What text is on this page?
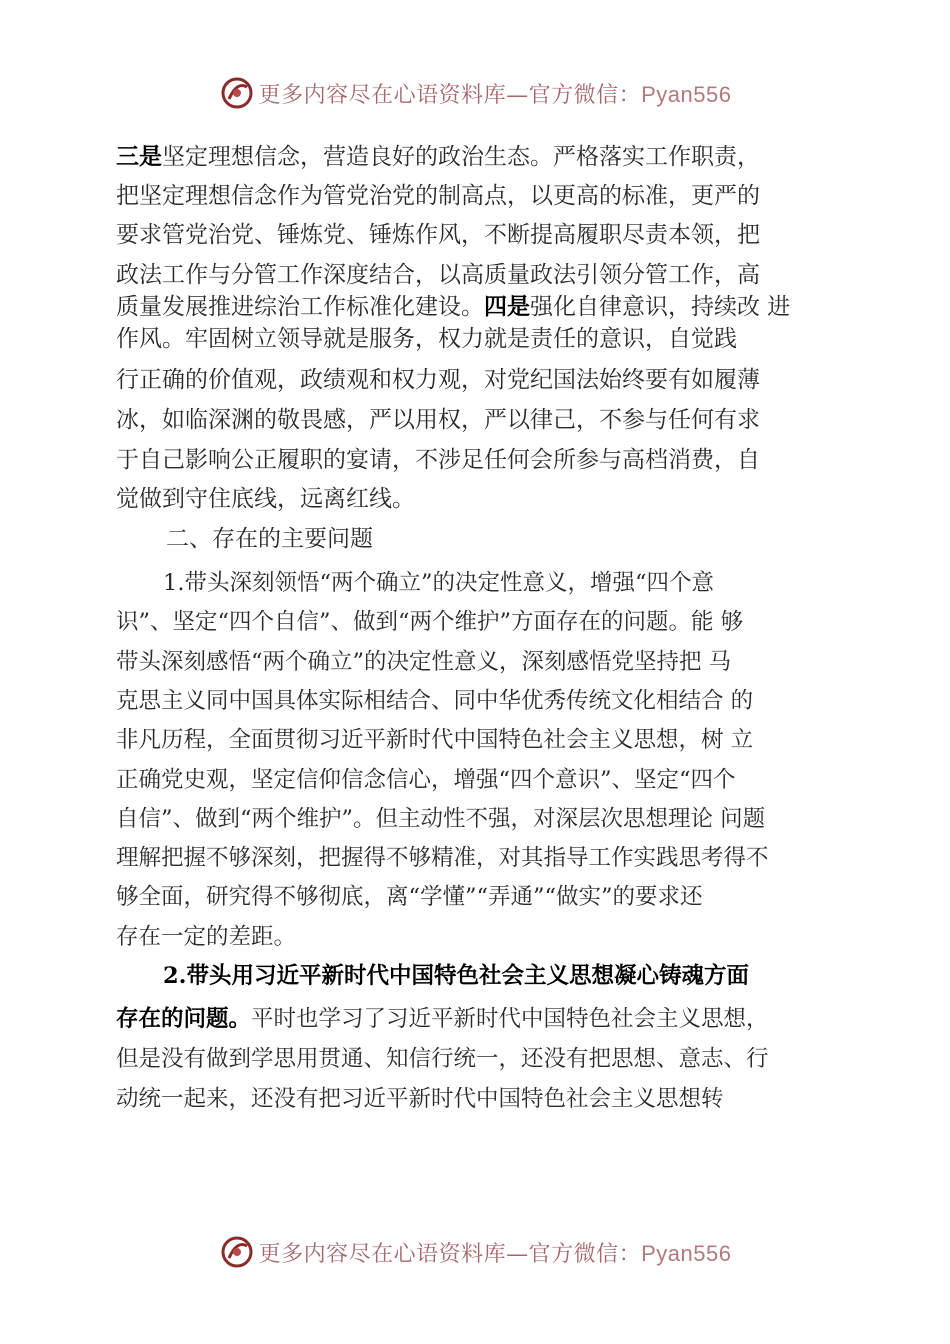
更多内容尽在心语资料库—官方微信：Pyan556

三是坚定理想信念，营造良好的政治生态。严格落实工作职责，

把坚定理想信念作为管党治党的制高点，以更高的标准，更严的

要求管党治党、锤炼党、锤炼作风，不断提高履职尽责本领，把

政法工作与分管工作深度结合，以高质量政法引领分管工作，高

质量发展推进综治工作标准化建设。四是强化自律意识，持续改 进

作风。牢固树立领导就是服务，权力就是责任的意识，自觉践

行正确的价值观，政绩观和权力观，对党纪国法始终要有如履薄

冰，如临深渊的敬畏感，严以用权，严以律己，不参与任何有求

于自己影响公正履职的宴请，不涉足任何会所参与高档消费，自

觉做到守住底线，远离红线。

二、存在的主要问题

1.带头深刻领悟“两个确立”的决定性意义，增强“四个意

识”、坚定“四个自信”、做到“两个维护”方面存在的问题。能 够

带头深刻感悟“两个确立”的决定性意义，深刻感悟党坚持把 马

克思主义同中国具体实际相结合、同中华优秀传统文化相结合 的

非凡历程，全面贯彻习近平新时代中国特色社会主义思想，树 立

正确党史观，坚定信仰信念信心，增强“四个意识”、坚定“四个

自信”、做到“两个维护”。但主动性不强，对深层次思想理论 问题

理解把握不够深刻，把握得不够精准，对其指导工作实践思考得不

够全面，研究得不够彻底，离“学懂”“弄通”“做实”的要求还

存在一定的差距。

2.带头用习近平新时代中国特色社会主义思想凝心铸魂方面

存在的问题。平时也学习了习近平新时代中国特色社会主义思想，

但是没有做到学思用贯通、知信行统一，还没有把思想、意志、行

动统一起来，还没有把习近平新时代中国特色社会主义思想转

更多内容尽在心语资料库—官方微信：Pyan556
